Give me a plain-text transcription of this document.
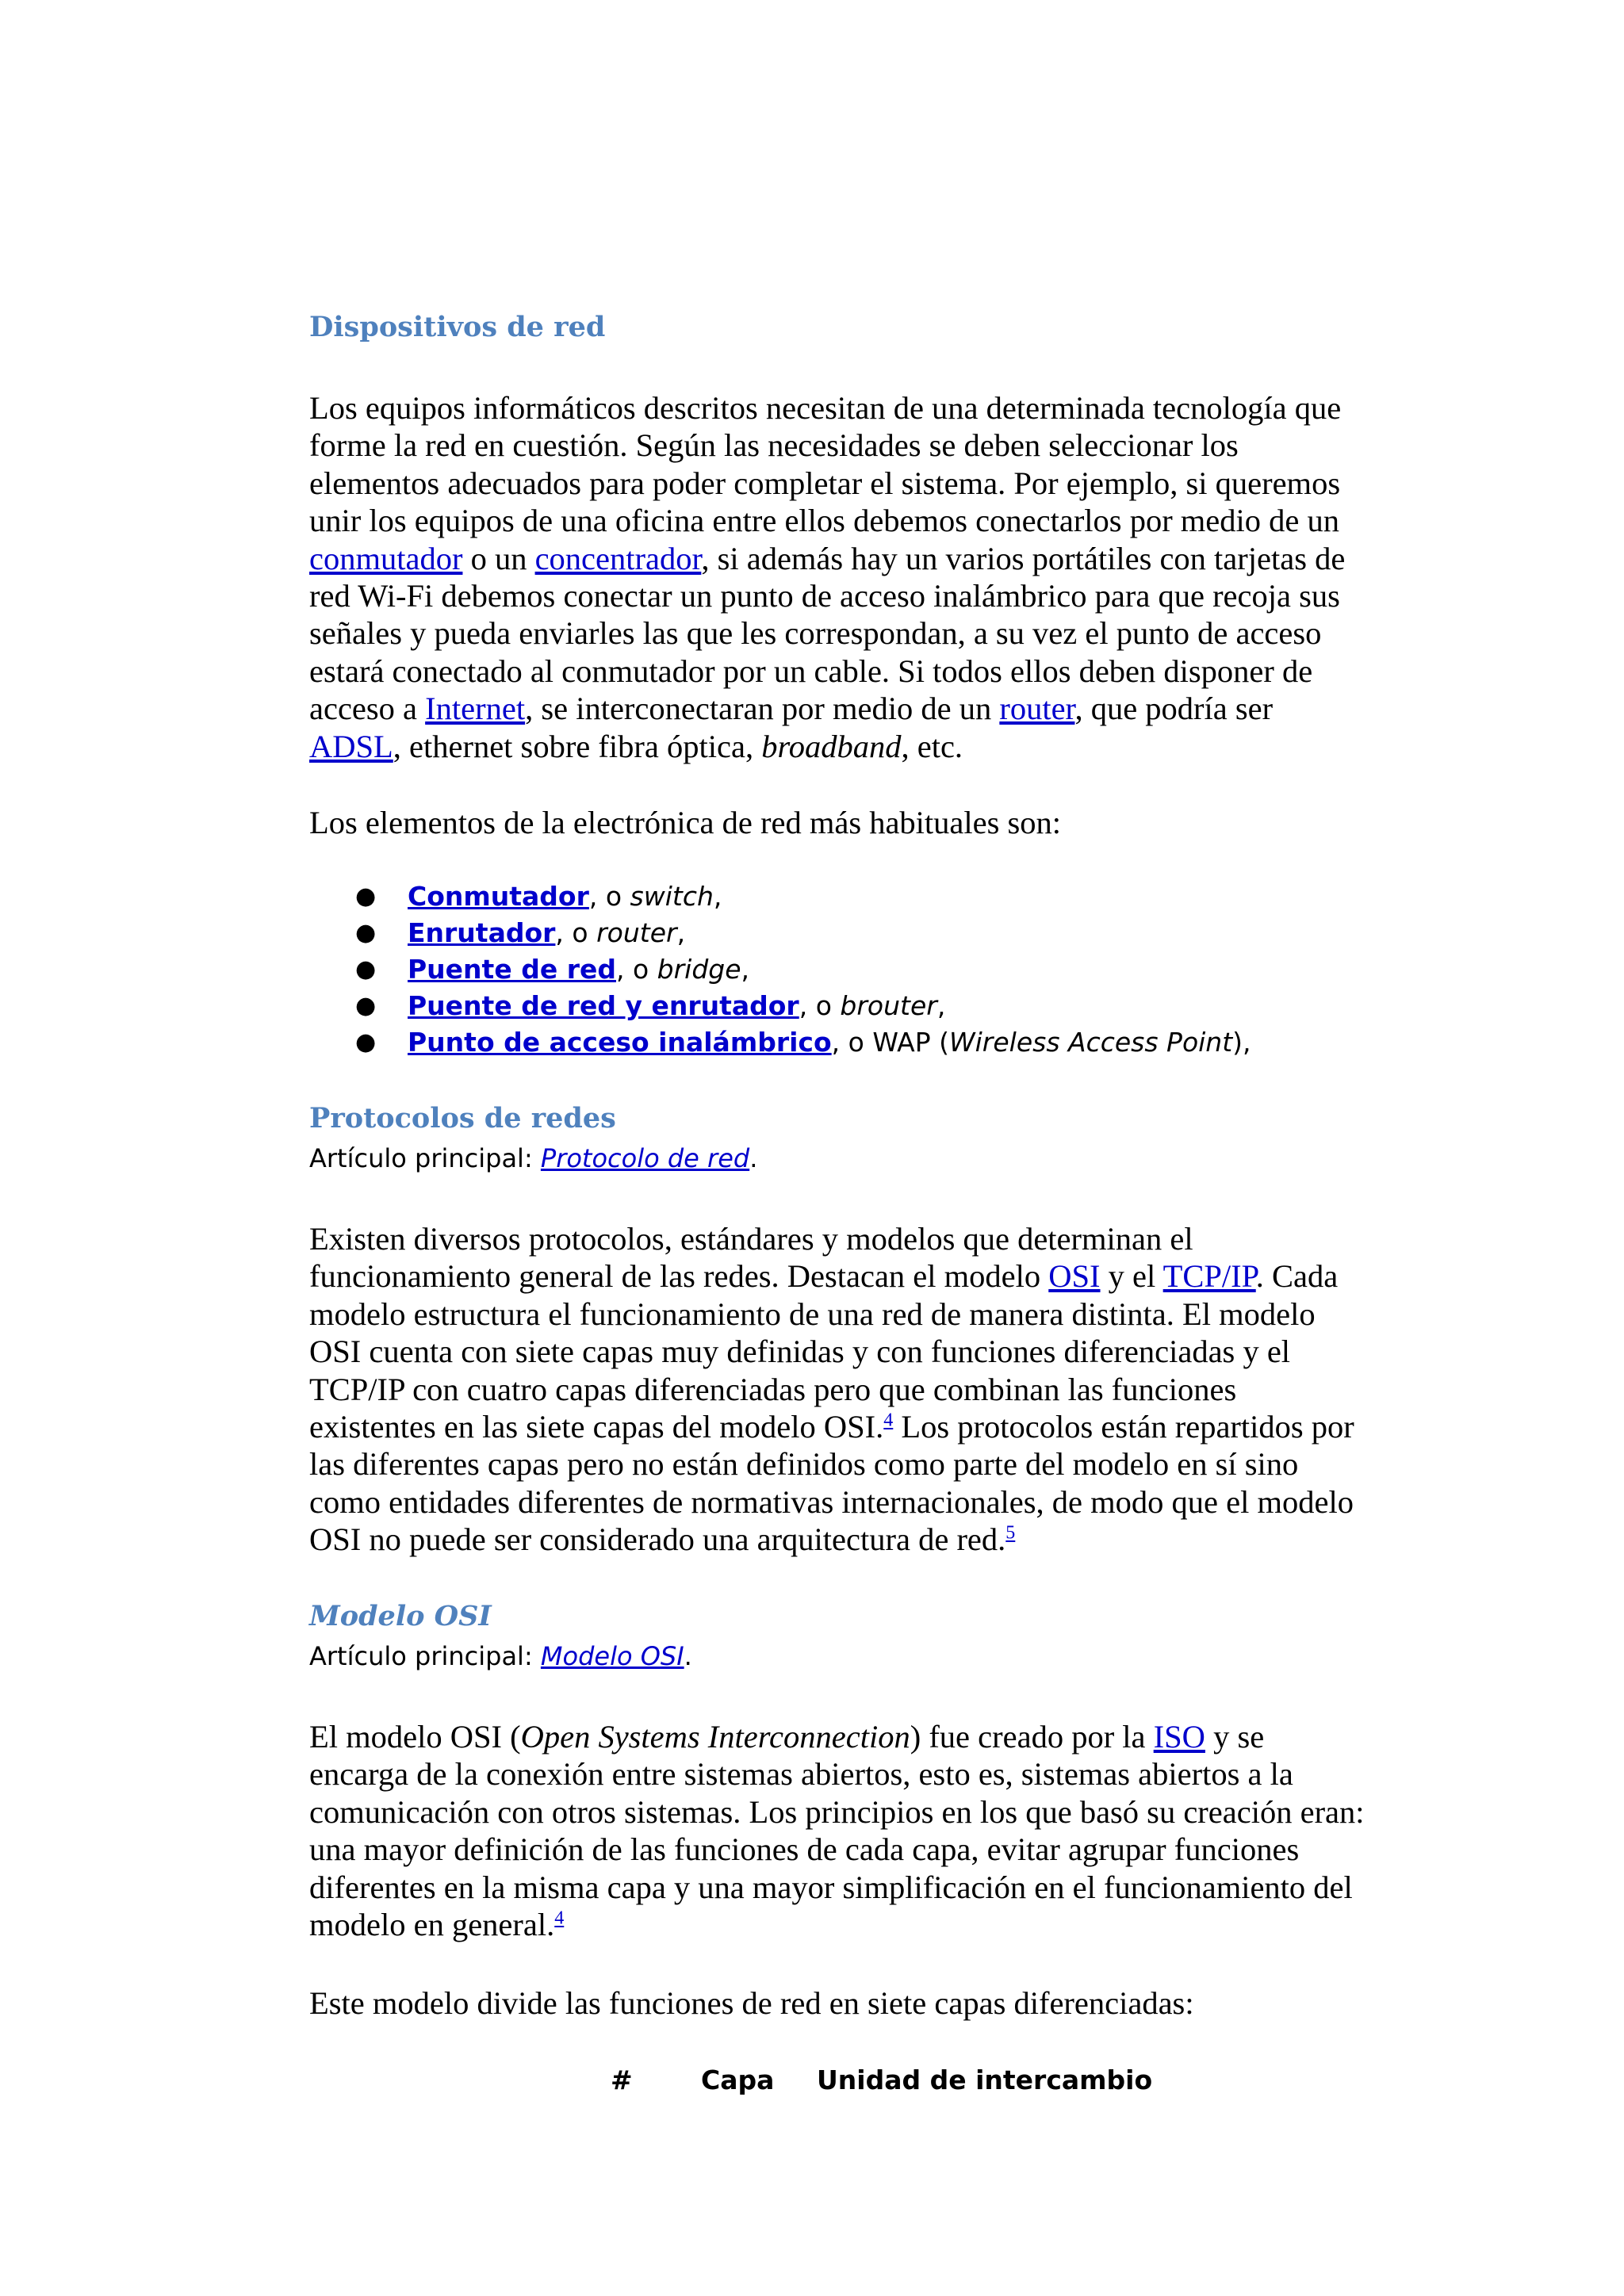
Dispositivos de red
Los equipos informáticos descritos necesitan de una determinada tecnología que
forme la red en cuestión. Según las necesidades se deben seleccionar los
elementos adecuados para poder completar el sistema. Por ejemplo, si queremos
unir los equipos de una oficina entre ellos debemos conectarlos por medio de un
conmutador o un concentrador, si además hay un varios portátiles con tarjetas de
red Wi-Fi debemos conectar un punto de acceso inalámbrico para que recoja sus
señales y pueda enviarles las que les correspondan, a su vez el punto de acceso
estará conectado al conmutador por un cable. Si todos ellos deben disponer de
acceso a Internet, se interconectaran por medio de un router, que podría ser
ADSL, ethernet sobre fibra óptica, broadband, etc.

Los elementos de la electrónica de red más habituales son:

● Conmutador, o switch,
● Enrutador, o router,
● Puente de red, o bridge,
● Puente de red y enrutador, o brouter,
● Punto de acceso inalámbrico, o WAP (Wireless Access Point),
Protocolos de redes
Artículo principal: Protocolo de red.
Existen diversos protocolos, estándares y modelos que determinan el
funcionamiento general de las redes. Destacan el modelo OSI y el TCP/IP. Cada
modelo estructura el funcionamiento de una red de manera distinta. El modelo
OSI cuenta con siete capas muy definidas y con funciones diferenciadas y el
TCP/IP con cuatro capas diferenciadas pero que combinan las funciones
existentes en las siete capas del modelo OSI.$^4$ Los protocolos están repartidos por
las diferentes capas pero no están definidos como parte del modelo en sí sino
como entidades diferentes de normativas internacionales, de modo que el modelo
OSI no puede ser considerado una arquitectura de red.$^5$
Modelo OSI
Artículo principal: Modelo OSI.
El modelo OSI (Open Systems Interconnection) fue creado por la ISO y se
encarga de la conexión entre sistemas abiertos, esto es, sistemas abiertos a la
comunicación con otros sistemas. Los principios en los que basó su creación eran:
una mayor definición de las funciones de cada capa, evitar agrupar funciones
diferentes en la misma capa y una mayor simplificación en el funcionamiento del
modelo en general.$^4$

Este modelo divide las funciones de red en siete capas diferenciadas:

#	Capa Unidad de intercambio
